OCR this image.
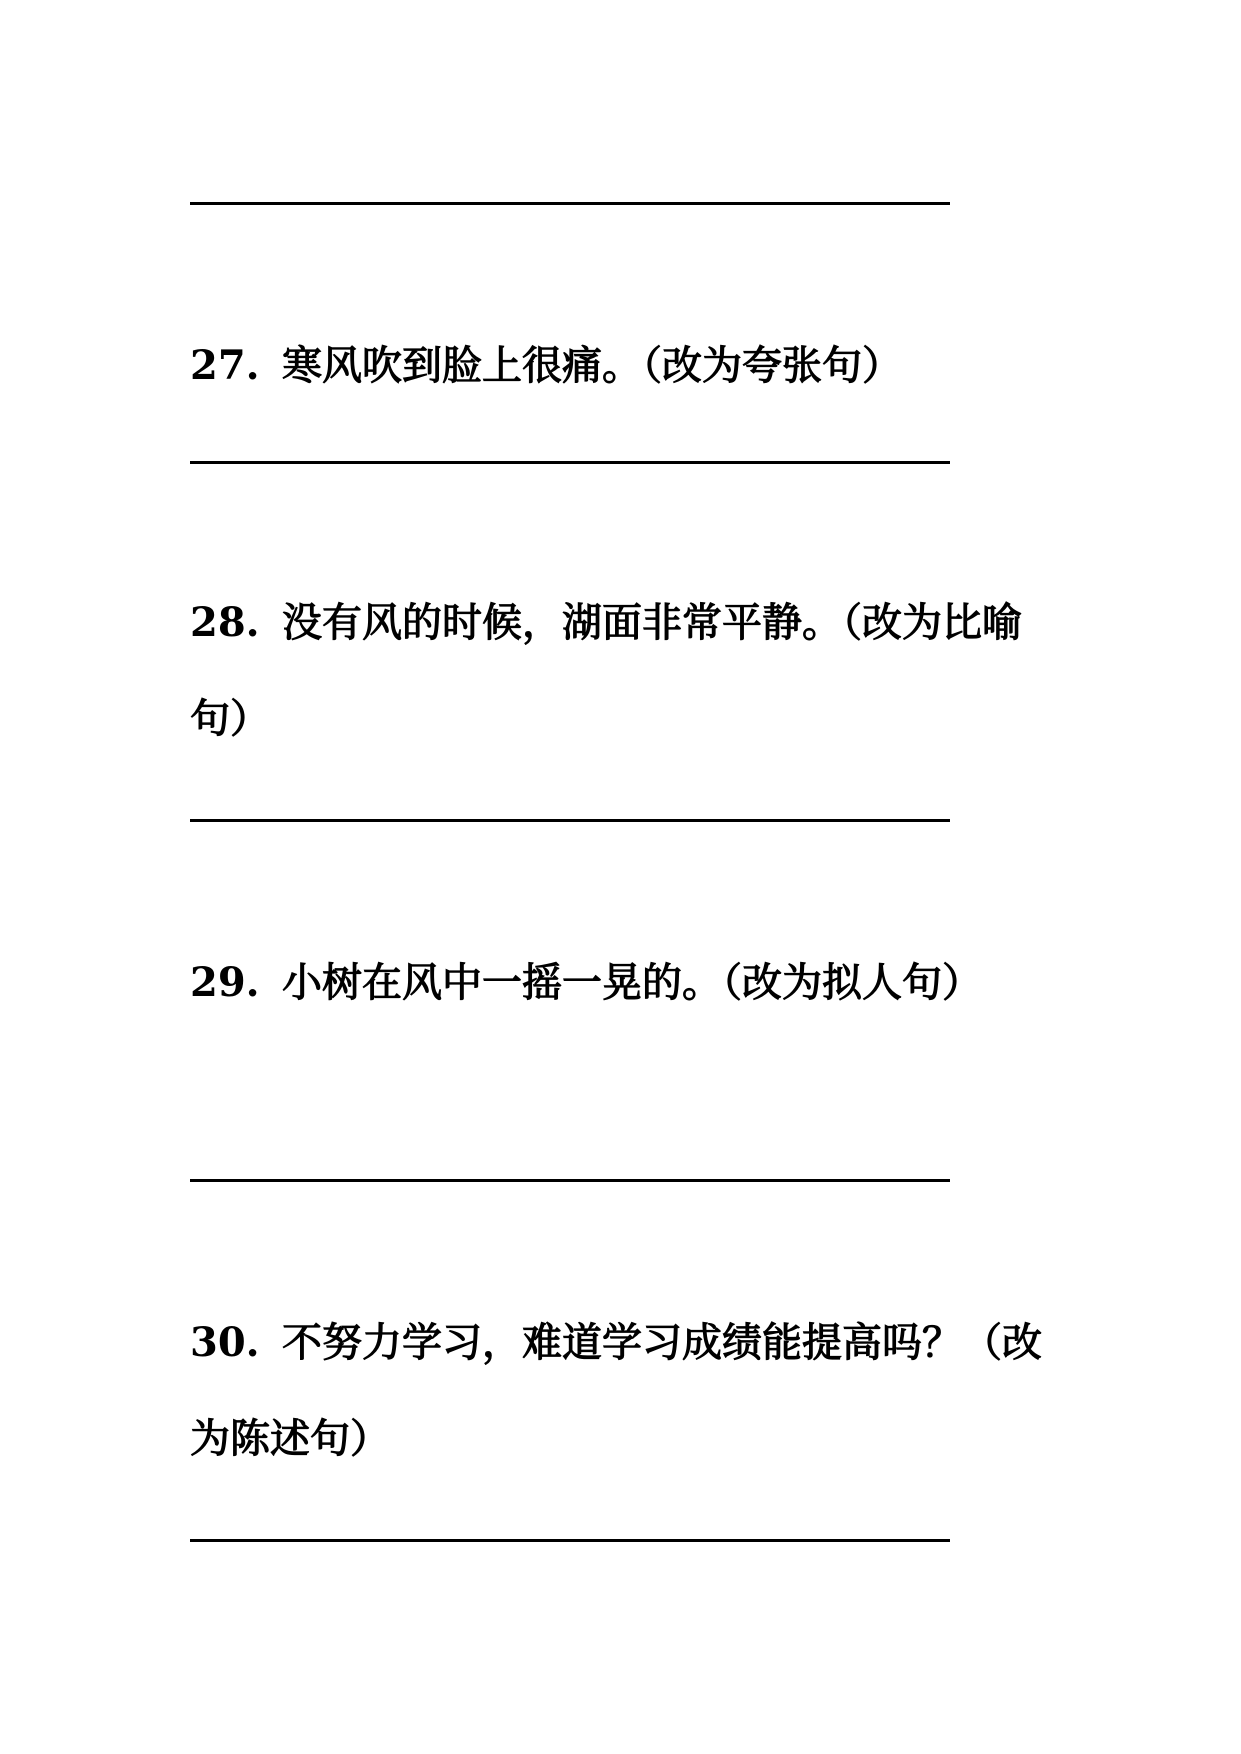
27. 寒风吹到脸上很痛。（改为夸张句）

28. 没有风的时候，湖面非常平静。（改为比喻句）

29. 小树在风中一摇一晃的。（改为拟人句）

30. 不努力学习，难道学习成绩能提高吗？（改为陈述句）
